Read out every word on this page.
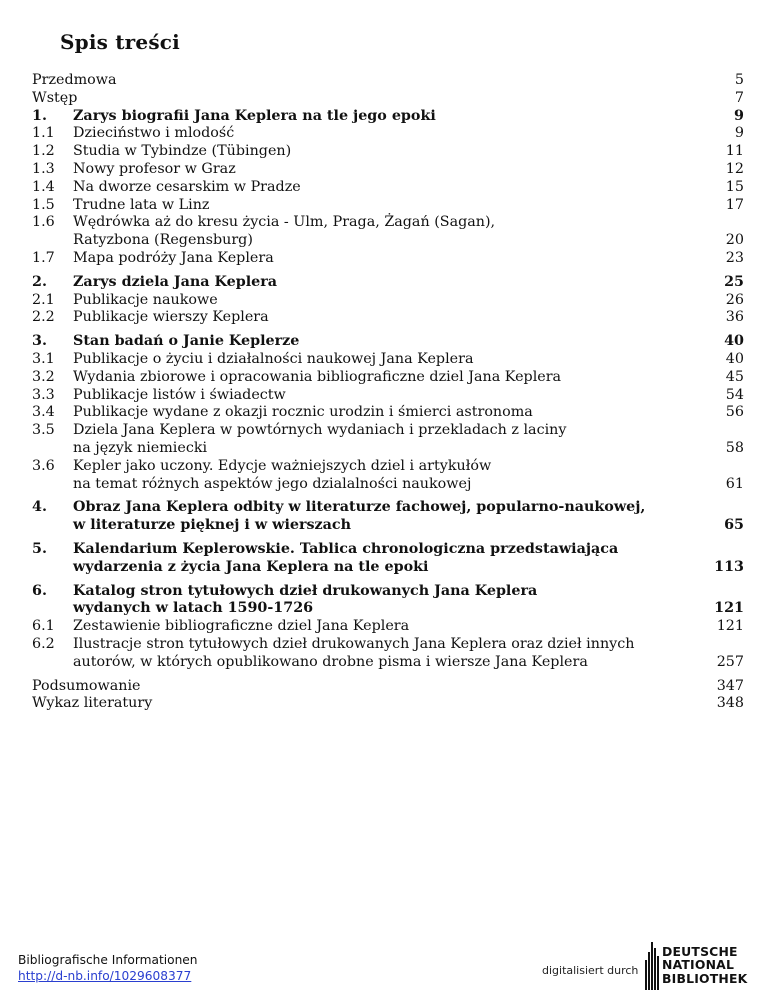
Spis treści
Przedmowa	5
Wstęp	7
1. Zarys biografii Jana Keplera na tle jego epoki	9
1.1 Dzieciństwo i mlodość	9
1.2 Studia w Tybindze (Tübingen)	11
1.3 Nowy profesor w Graz	12
1.4 Na dworze cesarskim w Pradze	15
1.5 Trudne lata w Linz	17
1.6 Wędrówka aż do kresu życia - Ulm, Praga, Żagań (Sagan),
Ratyzbona (Regensburg)	20
1.7 Mapa podróży Jana Keplera	23
2. Zarys dziela Jana Keplera	25
2.1 Publikacje naukowe	26
2.2 Publikacje wierszy Keplera	36
3. Stan badań o Janie Keplerze	40
3.1 Publikacje o życiu i działalności naukowej Jana Keplera	40
3.2 Wydania zbiorowe i opracowania bibliograficzne dziel Jana Keplera	45
3.3 Publikacje listów i świadectw	54
3.4 Publikacje wydane z okazji rocznic urodzin i śmierci astronoma	56
3.5 Dziela Jana Keplera w powtórnych wydaniach i przekladach z laciny
na język niemiecki	58
3.6 Kepler jako uczony. Edycje ważniejszych dziel i artykułów
na temat różnych aspektów jego dzialalności naukowej	61
4. Obraz Jana Keplera odbity w literaturze fachowej, popularno-naukowej,
w literaturze pięknej i w wierszach	65
5. Kalendarium Keplerowskie. Tablica chronologiczna przedstawiająca
wydarzenia z życia Jana Keplera na tle epoki	113
6. Katalog stron tytułowych dzieł drukowanych Jana Keplera
wydanych w latach 1590-1726	121
6.1 Zestawienie bibliograficzne dziel Jana Keplera	121
6.2 Ilustracje stron tytułowych dzieł drukowanych Jana Keplera oraz dzieł innych
autorów, w których opublikowano drobne pisma i wiersze Jana Keplera	257
Podsumowanie	347
Wykaz literatury	348
Bibliografische Informationen
http://d-nb.info/1029608377	digitalisiert durch
DEUTSCHE
NATIONAL
BIBLIOTHEK
